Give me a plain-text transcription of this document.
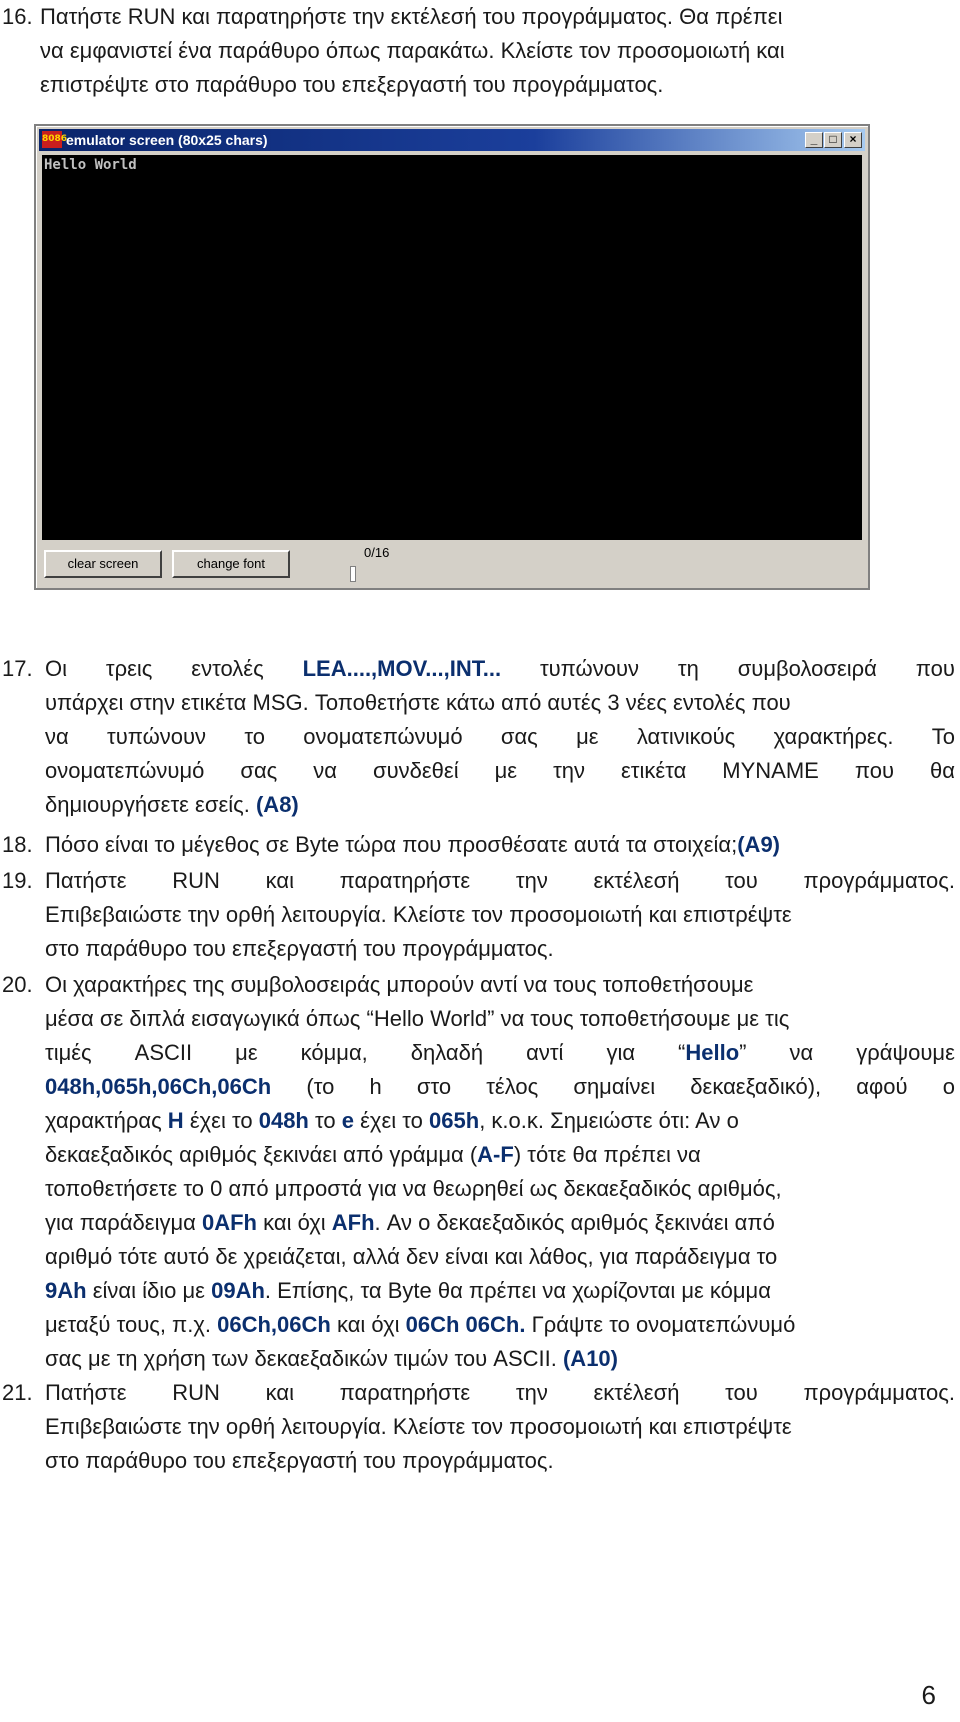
16. Πατήστε RUN και παρατηρήστε την εκτέλεσή του προγράμματος. Θα πρέπει
να εμφανιστεί ένα παράθυρο όπως παρακάτω. Κλείστε τον προσομοιωτή και
επιστρέψτε στο παράθυρο του επεξεργαστή του προγράμματος.
8086
emulator screen (80x25 chars)	_	□	×
Hello World
clear screen	change font
0/16
17. Οι τρεις εντολές LEA....,MOV...,INT... τυπώνουν τη συμβολοσειρά που
υπάρχει στην ετικέτα MSG. Τοποθετήστε κάτω από αυτές 3 νέες εντολές που
να τυπώνουν το ονοματεπώνυμό σας με λατινικούς χαρακτήρες. Το
ονοματεπώνυμό σας να συνδεθεί με την ετικέτα MYNAME που θα
δημιουργήσετε εσείς. (A8)
18. Πόσο είναι το μέγεθος σε Byte τώρα που προσθέσατε αυτά τα στοιχεία;(A9)
19. Πατήστε RUN και παρατηρήστε την εκτέλεσή του προγράμματος.
Επιβεβαιώστε την ορθή λειτουργία. Κλείστε τον προσομοιωτή και επιστρέψτε
στο παράθυρο του επεξεργαστή του προγράμματος.
20. Οι χαρακτήρες της συμβολοσειράς μπορούν αντί να τους τοποθετήσουμε
μέσα σε διπλά εισαγωγικά όπως “Hello World” να τους τοποθετήσουμε με τις
τιμές ASCII με κόμμα, δηλαδή αντί για “Hello” να γράψουμε
048h,065h,06Ch,06Ch (το h στο τέλος σημαίνει δεκαεξαδικό), αφού ο
χαρακτήρας H έχει το 048h το e έχει το 065h, κ.ο.κ. Σημειώστε ότι: Αν ο
δεκαεξαδικός αριθμός ξεκινάει από γράμμα (A-F) τότε θα πρέπει να
τοποθετήσετε το 0 από μπροστά για να θεωρηθεί ως δεκαεξαδικός αριθμός,
για παράδειγμα 0AFh και όχι AFh. Αν ο δεκαεξαδικός αριθμός ξεκινάει από
αριθμό τότε αυτό δε χρειάζεται, αλλά δεν είναι και λάθος, για παράδειγμα το
9Ah είναι ίδιο με 09Ah. Επίσης, τα Byte θα πρέπει να χωρίζονται με κόμμα
μεταξύ τους, π.χ. 06Ch,06Ch και όχι 06Ch 06Ch. Γράψτε το ονοματεπώνυμό
σας με τη χρήση των δεκαεξαδικών τιμών του ASCII. (A10)
21. Πατήστε RUN και παρατηρήστε την εκτέλεσή του προγράμματος.
Επιβεβαιώστε την ορθή λειτουργία. Κλείστε τον προσομοιωτή και επιστρέψτε
στο παράθυρο του επεξεργαστή του προγράμματος.
6
